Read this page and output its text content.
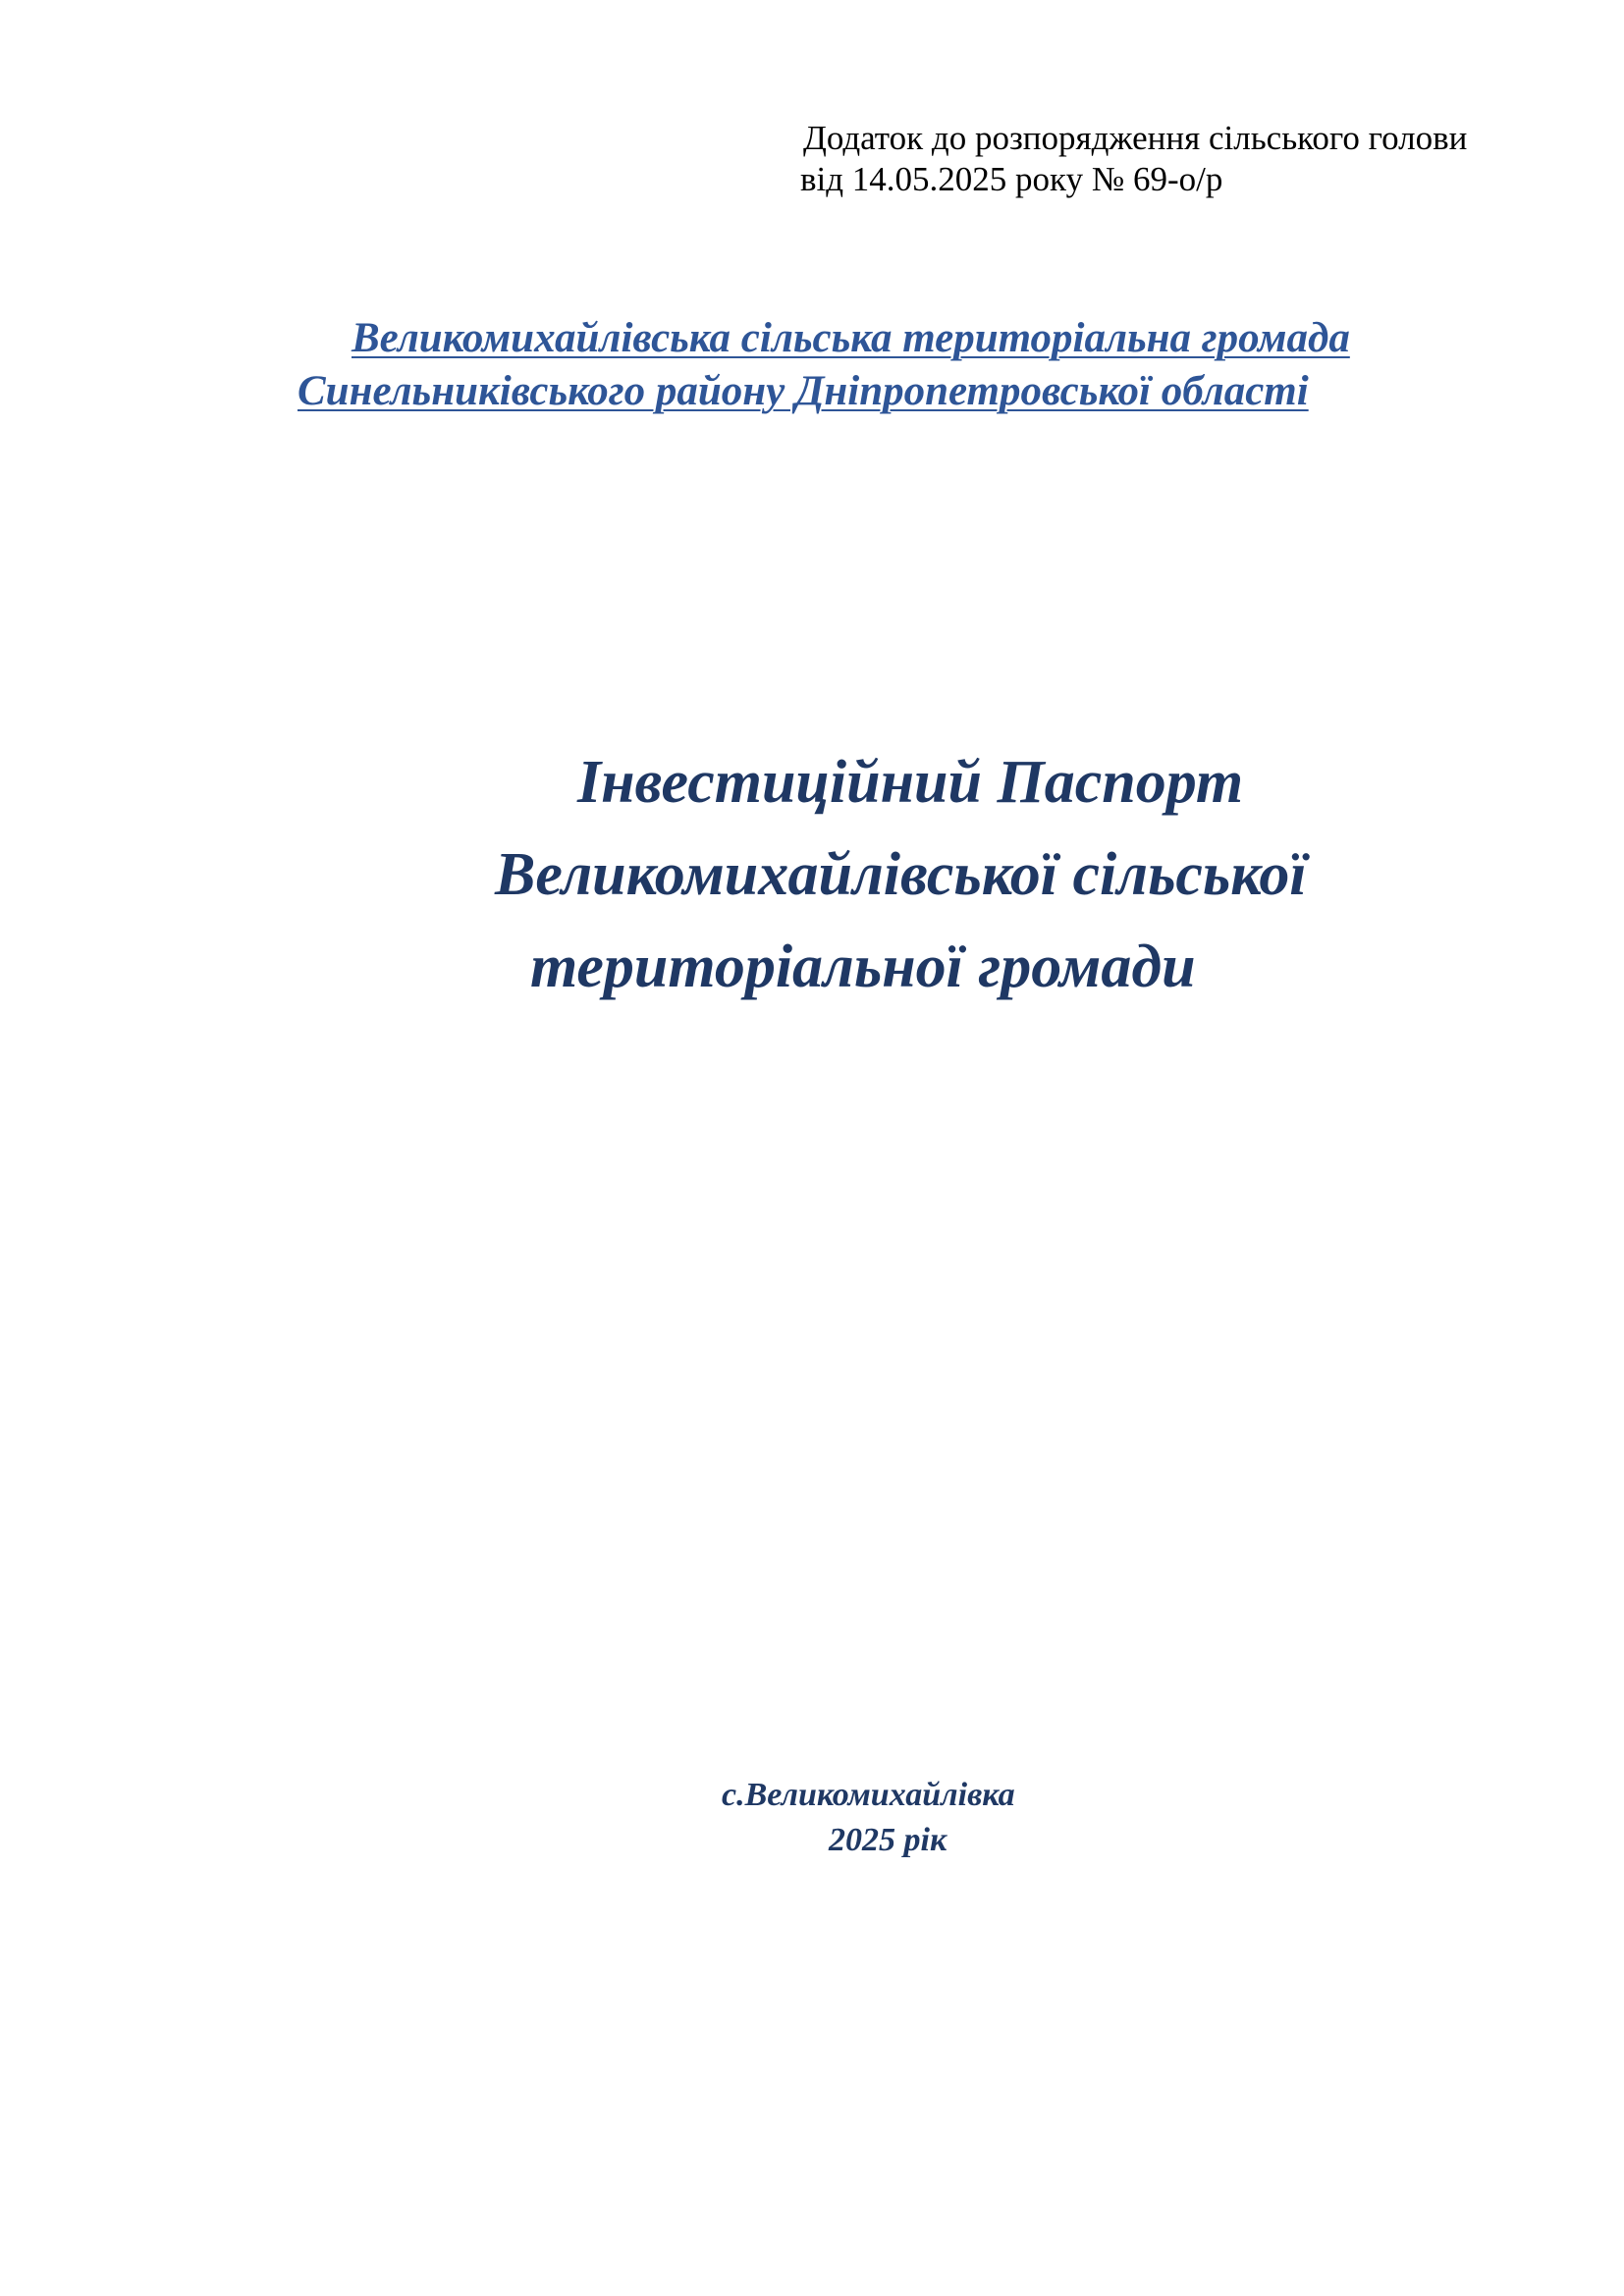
Додаток до розпорядження сільського голови
від 14.05.2025 року № 69-о/р
Великомихайлівська сільська територіальна громада
Синельниківського району Дніпропетровської області
Інвестиційний Паспорт
Великомихайлівської сільської
територіальної громади
с.Великомихайлівка
2025 рік
